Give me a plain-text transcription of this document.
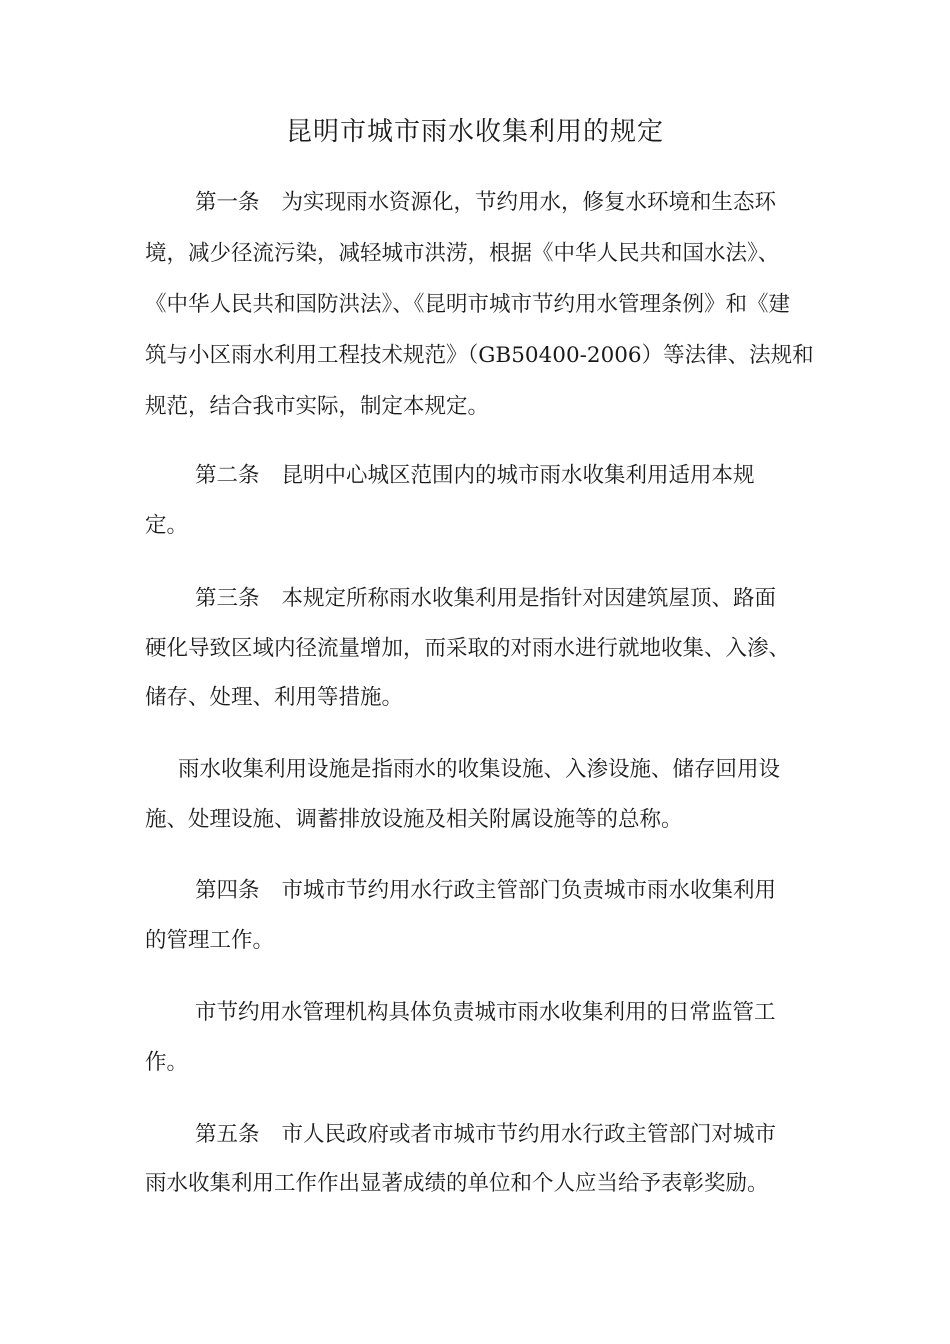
昆明市城市雨水收集利用的规定

第一条 为实现雨水资源化，节约用水，修复水环境和生态环

境，减少径流污染，减轻城市洪涝，根据《中华人民共和国水法》、

《中华人民共和国防洪法》、《昆明市城市节约用水管理条例》和《建

筑与小区雨水利用工程技术规范》（GB50400-2006）等法律、法规和

规范，结合我市实际，制定本规定。

第二条 昆明中心城区范围内的城市雨水收集利用适用本规

定。

第三条 本规定所称雨水收集利用是指针对因建筑屋顶、路面

硬化导致区域内径流量增加，而采取的对雨水进行就地收集、入渗、

储存、处理、利用等措施。

雨水收集利用设施是指雨水的收集设施、入渗设施、储存回用设

施、处理设施、调蓄排放设施及相关附属设施等的总称。

第四条 市城市节约用水行政主管部门负责城市雨水收集利用

的管理工作。

市节约用水管理机构具体负责城市雨水收集利用的日常监管工

作。

第五条 市人民政府或者市城市节约用水行政主管部门对城市

雨水收集利用工作作出显著成绩的单位和个人应当给予表彰奖励。
